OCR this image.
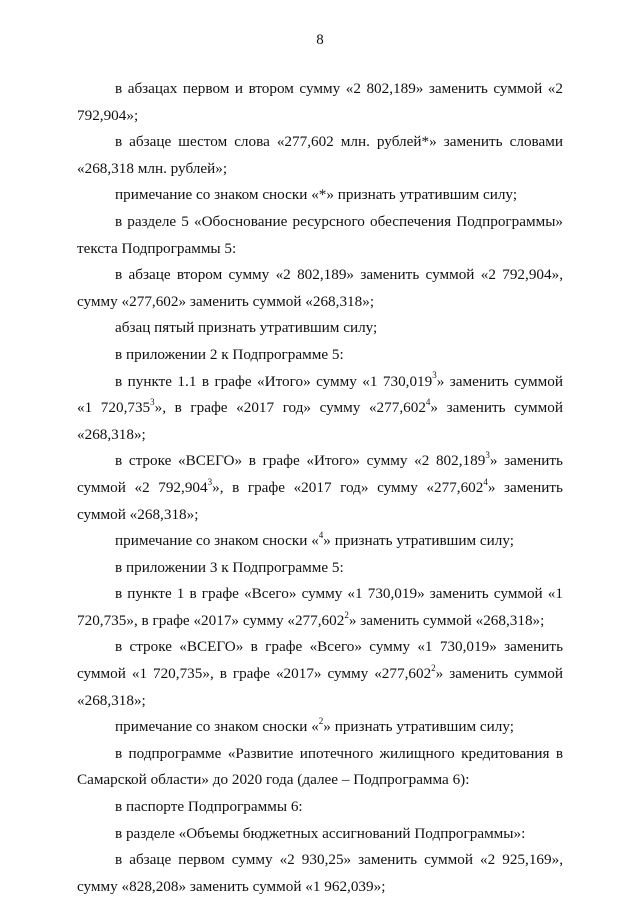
8

в абзацах первом и втором сумму «2 802,189» заменить суммой «2 792,904»;

в абзаце шестом слова «277,602 млн. рублей*» заменить словами «268,318 млн. рублей»;

примечание со знаком сноски «*» признать утратившим силу;

в разделе 5 «Обоснование ресурсного обеспечения Подпрограммы» текста Подпрограммы 5:

в абзаце втором сумму «2 802,189» заменить суммой «2 792,904», сумму «277,602» заменить суммой «268,318»;

абзац пятый признать утратившим силу;

в приложении 2 к Подпрограмме 5:

в пункте 1.1 в графе «Итого» сумму «1 730,019$^3$» заменить суммой «1 720,735$^3$», в графе «2017 год» сумму «277,602$^4$» заменить суммой «268,318»;

в строке «ВСЕГО» в графе «Итого» сумму «2 802,189$^3$» заменить суммой «2 792,904$^3$», в графе «2017 год» сумму «277,602$^4$» заменить суммой «268,318»;

примечание со знаком сноски «$^4$» признать утратившим силу;

в приложении 3 к Подпрограмме 5:

в пункте 1 в графе «Всего» сумму «1 730,019» заменить суммой «1 720,735», в графе «2017» сумму «277,602$^2$» заменить суммой «268,318»;

в строке «ВСЕГО» в графе «Всего» сумму «1 730,019» заменить суммой «1 720,735», в графе «2017» сумму «277,602$^2$» заменить суммой «268,318»;

примечание со знаком сноски «$^2$» признать утратившим силу;

в подпрограмме «Развитие ипотечного жилищного кредитования в Самарской области» до 2020 года (далее – Подпрограмма 6):

в паспорте Подпрограммы 6:

в разделе «Объемы бюджетных ассигнований Подпрограммы»:

в абзаце первом сумму «2 930,25» заменить суммой «2 925,169», сумму «828,208» заменить суммой «1 962,039»;
